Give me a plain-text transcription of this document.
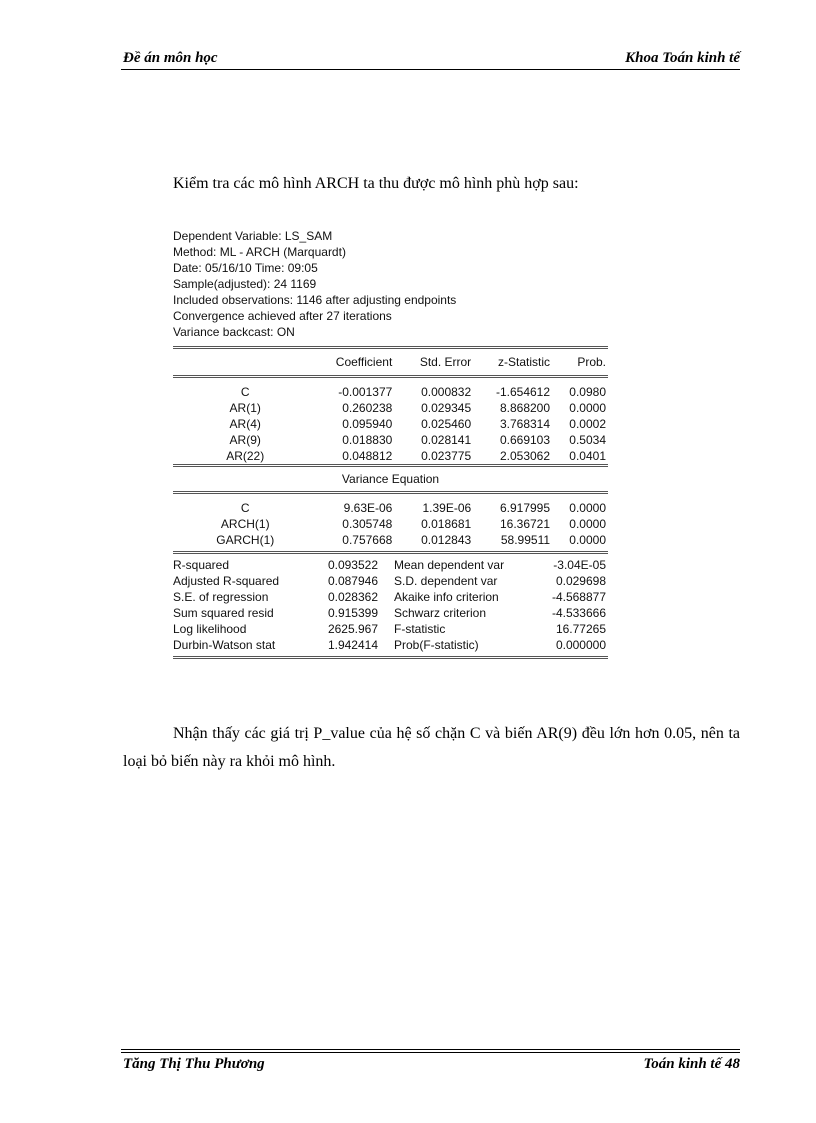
Đề án môn học	Khoa Toán kinh tế
Kiểm tra các mô hình ARCH ta thu được mô hình phù hợp sau:
Dependent Variable: LS_SAM
Method: ML - ARCH (Marquardt)
Date: 05/16/10 Time: 09:05
Sample(adjusted): 24 1169
Included observations: 1146 after adjusting endpoints
Convergence achieved after 27 iterations
Variance backcast: ON
	Coefficient	Std. Error	z-Statistic	Prob.

C	-0.001377	0.000832	-1.654612	0.0980
AR(1)	0.260238	0.029345	8.868200	0.0000
AR(4)	0.095940	0.025460	3.768314	0.0002
AR(9)	0.018830	0.028141	0.669103	0.5034
AR(22)	0.048812	0.023775	2.053062	0.0401
Variance Equation

C	9.63E-06	1.39E-06	6.917995	0.0000
ARCH(1)	0.305748	0.018681	16.36721	0.0000
GARCH(1)	0.757668	0.012843	58.99511	0.0000

R-squared	0.093522	Mean dependent var	-3.04E-05
Adjusted R-squared	0.087946	S.D. dependent var	0.029698
S.E. of regression	0.028362	Akaike info criterion	-4.568877
Sum squared resid	0.915399	Schwarz criterion	-4.533666
Log likelihood	2625.967	F-statistic	16.77265
Durbin-Watson stat	1.942414	Prob(F-statistic)	0.000000

Nhận thấy các giá trị P_value của hệ số chặn C và biến AR(9) đều lớn hơn 0.05, nên ta loại bỏ biến này ra khỏi mô hình.
Tăng Thị Thu Phương	Toán kinh tế 48
